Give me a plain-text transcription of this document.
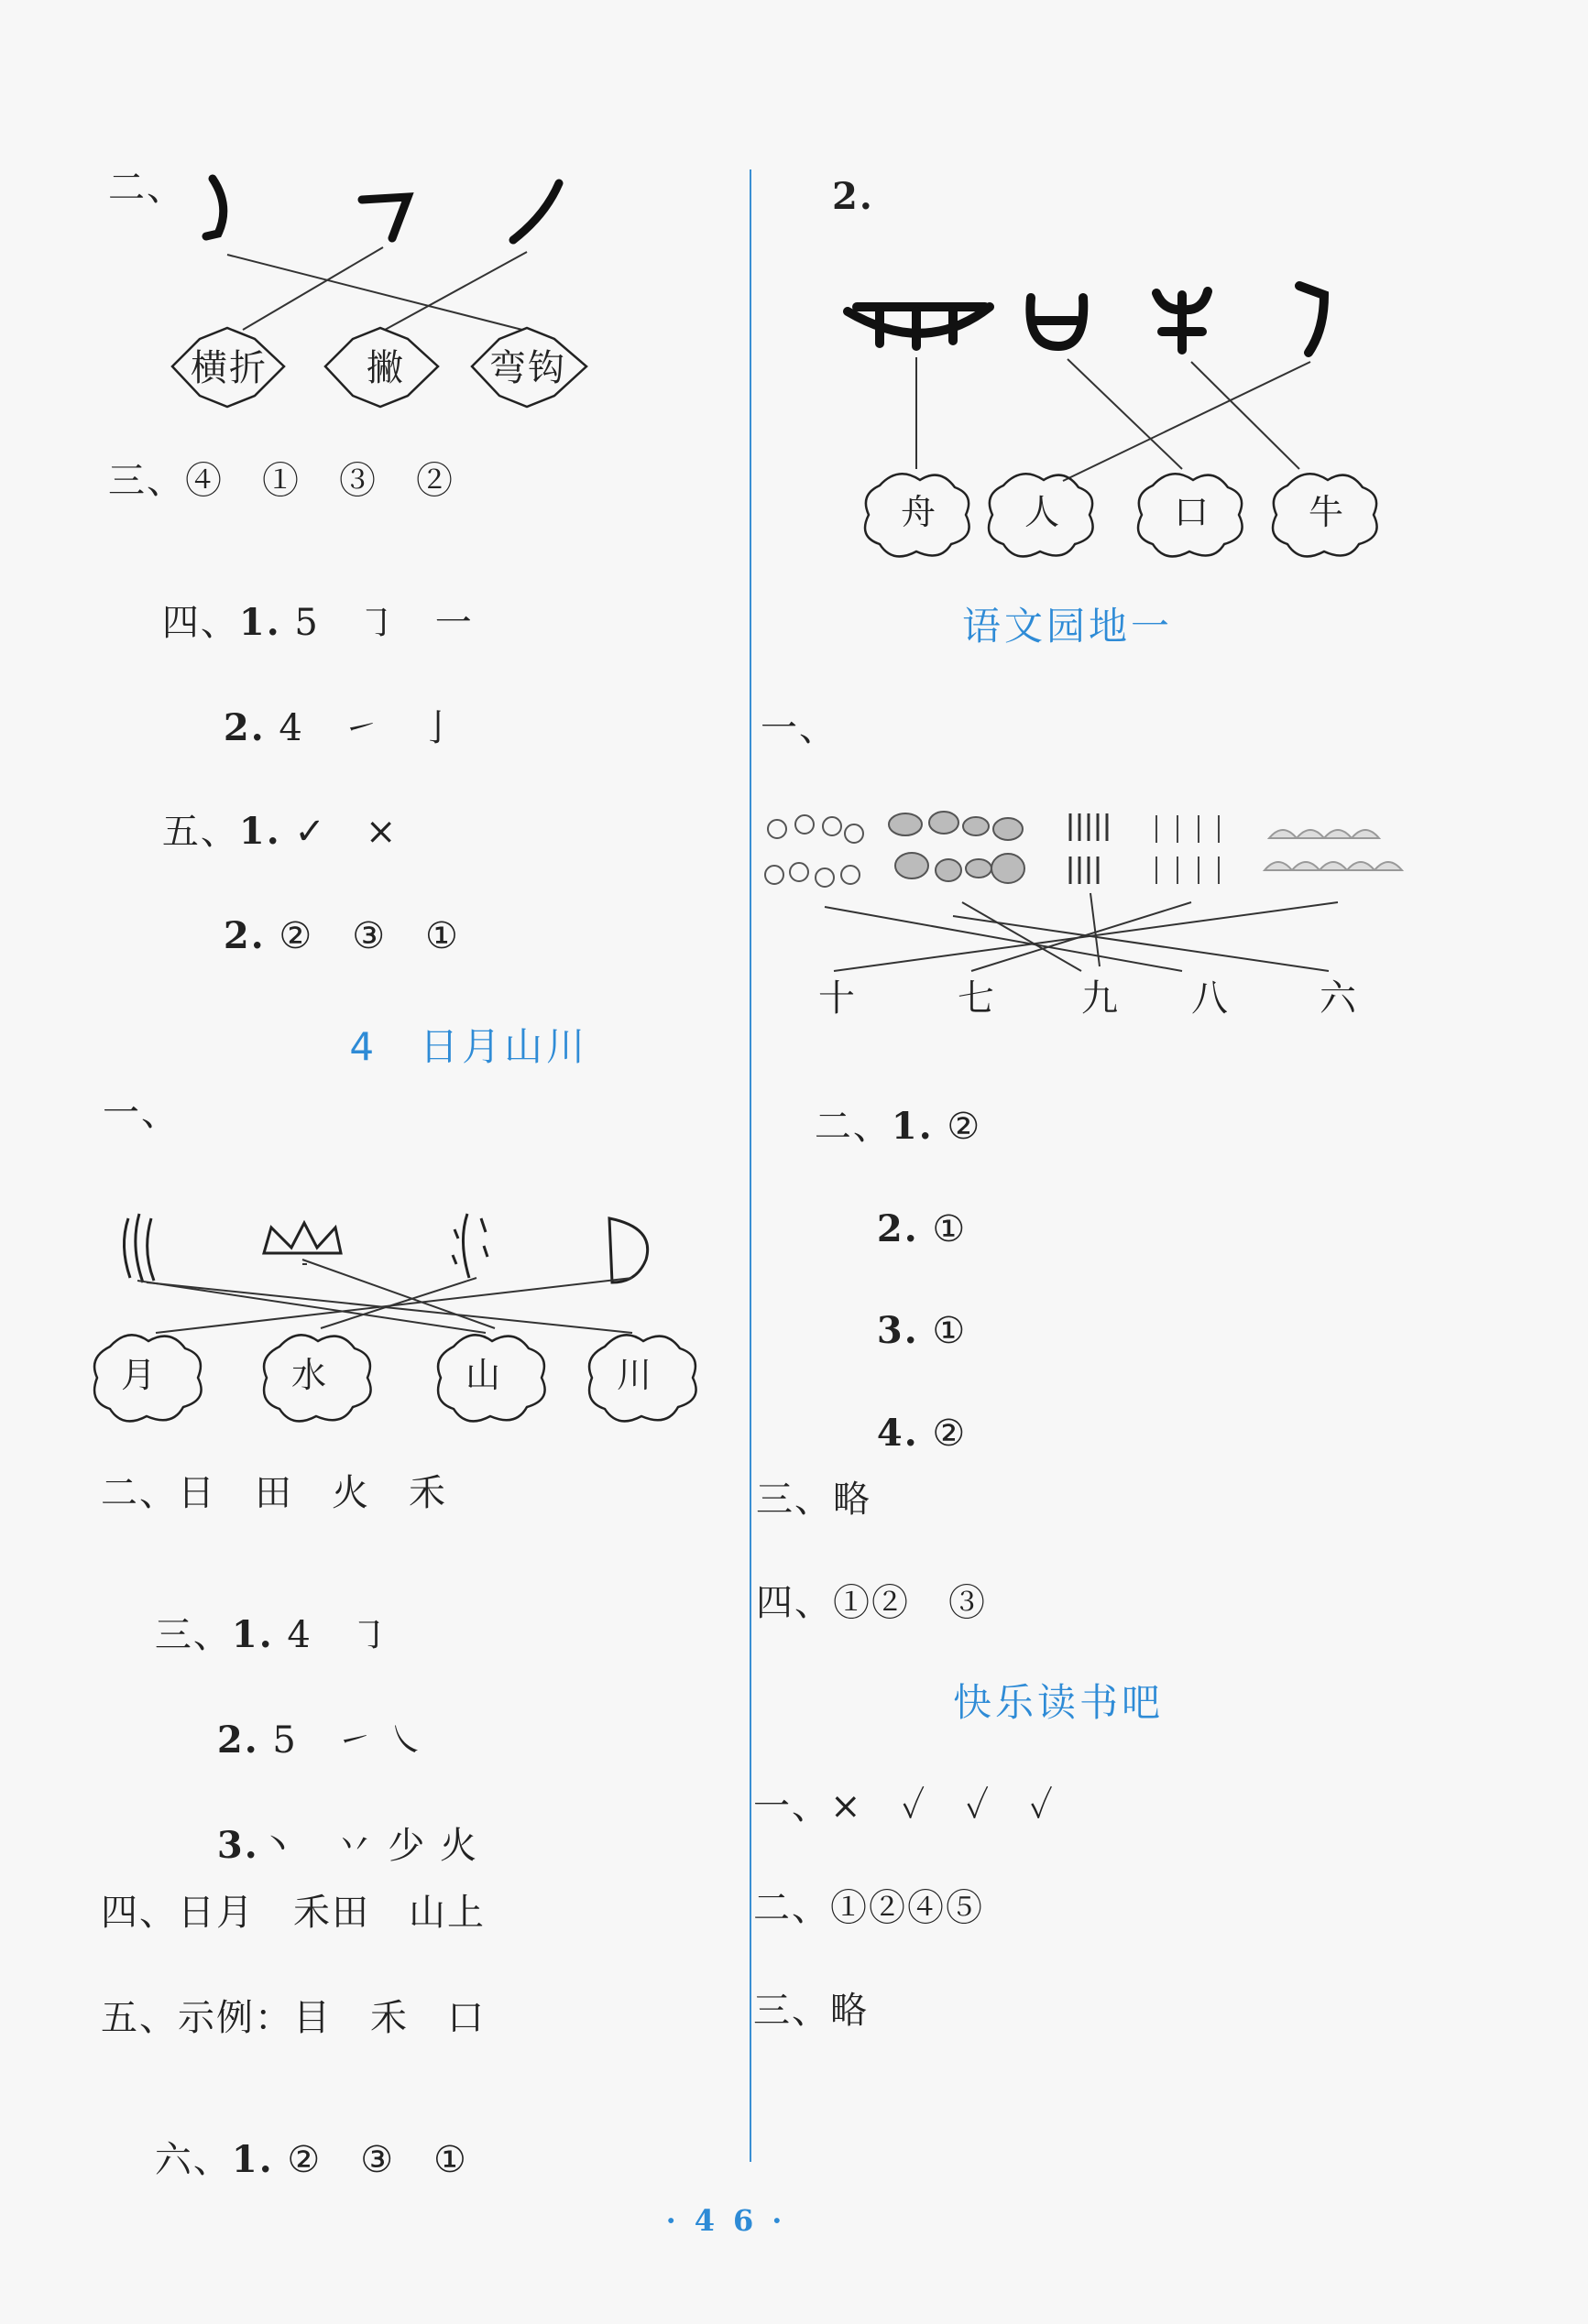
二、
横折	撇 弯钩
三、④　①　③　②

四、1. 5　㇆　一

2. 4　㇀　亅

五、1. ✓　×

2. ②　③　①

4　 日月山川

一、
月	水	山	川
二、日　田　火　禾

三、1. 4　㇆

2. 5　㇀ ㇏

3.丶　丷 少 火

四、日月　禾田　山上
五、示例：目　禾　口

六、1. ②　③　①

2.
舟 人	口	牛
语文园地一
一、
十	七 九 八 六

二、1. ②

2. ①

3. ①

4. ②

三、略
四、①②　③
快乐读书吧
一、×　✓　✓　✓
二、①②④⑤
三、略
·46·
